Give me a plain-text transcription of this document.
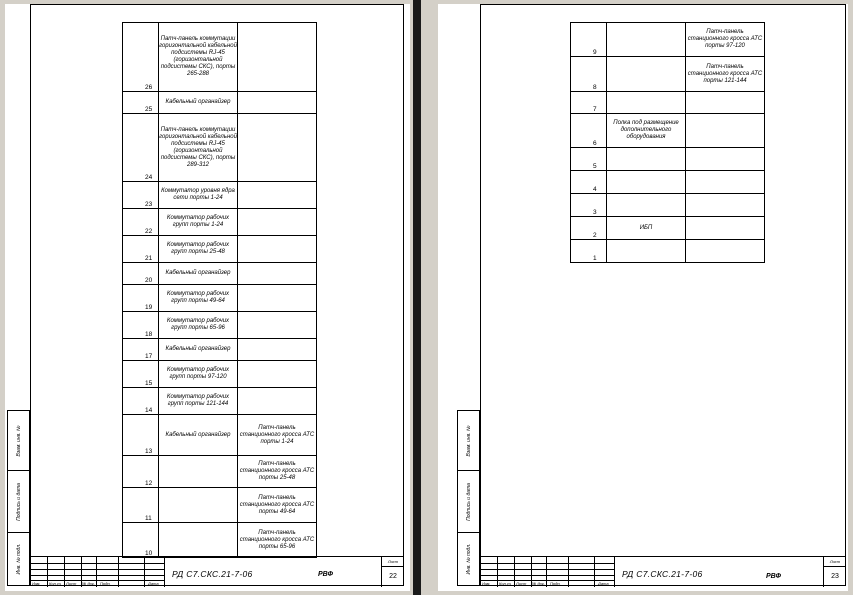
Взам. инв. №
Подпись и дата
Инв. № подл.
26	Патч-панель коммутации горизонтальной кабельной подсистемы RJ-45 (горизонтальной подсистемы СКС), порты 265-288	
25	Кабельный органайзер	
24	Патч-панель коммутации горизонтальной кабельной подсистемы RJ-45 (горизонтальной подсистемы СКС), порты 289-312	
23	Коммутатор уровня ядра сети порты 1-24	
22	Коммутатор рабочих групп порты 1-24	
21	Коммутатор рабочих групп порты 25-48	
20	Кабельный органайзер	
19	Коммутатор рабочих групп порты 49-64	
18	Коммутатор рабочих групп порты 65-96	
17	Кабельный органайзер	
15	Коммутатор рабочих групп порты 97-120	
14	Коммутатор рабочих групп порты 121-144	
13	Кабельный органайзер	Патч-панель станционного кросса АТС порты 1-24
12		Патч-панель станционного кросса АТС порты 25-48
11		Патч-панель станционного кросса АТС порты 49-64
10		Патч-панель станционного кросса АТС порты 65-96
Изм. Кол.уч Лист № док. Подп.	Дата
РД С7.СКС.21-7-06	РВФ
Лист
22
Взам. инв. №
Подпись и дата
Инв. № подл.
9		Патч-панель станционного кросса АТС порты 97-120
8		Патч-панель станционного кросса АТС порты 121-144
7		
6	Полка под размещение дополнительного оборудования	
5		
4		
3		
2	ИБП	
1		
Изм. Кол.уч Лист № док. Подп.	Дата
РД С7.СКС.21-7-06	РВФ
Лист
23
